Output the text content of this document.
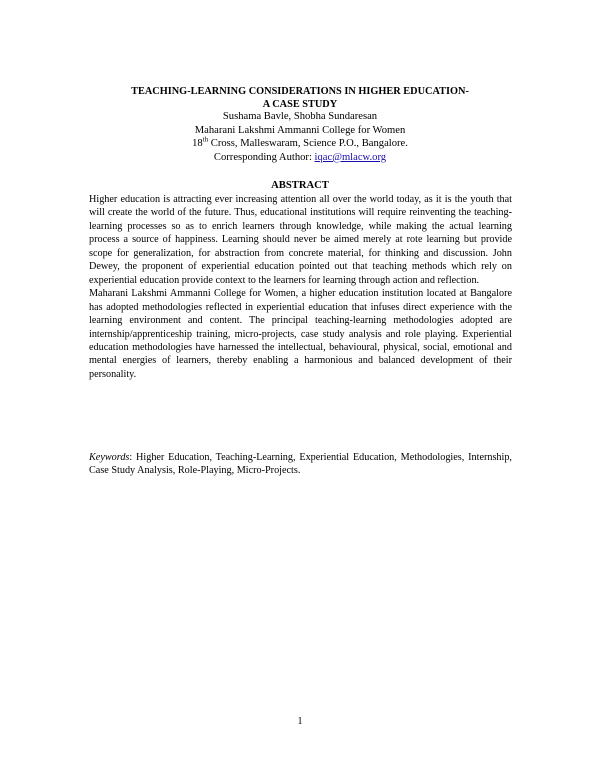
TEACHING-LEARNING CONSIDERATIONS IN HIGHER EDUCATION-
A CASE STUDY
Sushama Bavle, Shobha Sundaresan
Maharani Lakshmi Ammanni College for Women
18th Cross, Malleswaram, Science P.O., Bangalore.
Corresponding Author: iqac@mlacw.org
ABSTRACT

Higher education is attracting ever increasing attention all over the world today, as it is the youth that will create the world of the future. Thus, educational institutions will require reinventing the teaching-learning processes so as to enrich learners through knowledge, while making the actual learning process a source of happiness. Learning should never be aimed merely at rote learning but provide scope for generalization, for abstraction from concrete material, for thinking and discussion. John Dewey, the proponent of experiential education pointed out that teaching methods which rely on experiential education provide context to the learners for learning through action and reflection.

Maharani Lakshmi Ammanni College for Women, a higher education institution located at Bangalore has adopted methodologies reflected in experiential education that infuses direct experience with the learning environment and content. The principal teaching-learning methodologies adopted are internship/apprenticeship training, micro-projects, case study analysis and role playing. Experiential education methodologies have harnessed the intellectual, behavioural, physical, social, emotional and mental energies of learners, thereby enabling a harmonious and balanced development of their personality.

Keywords: Higher Education, Teaching-Learning, Experiential Education, Methodologies, Internship, Case Study Analysis, Role-Playing, Micro-Projects.
1
